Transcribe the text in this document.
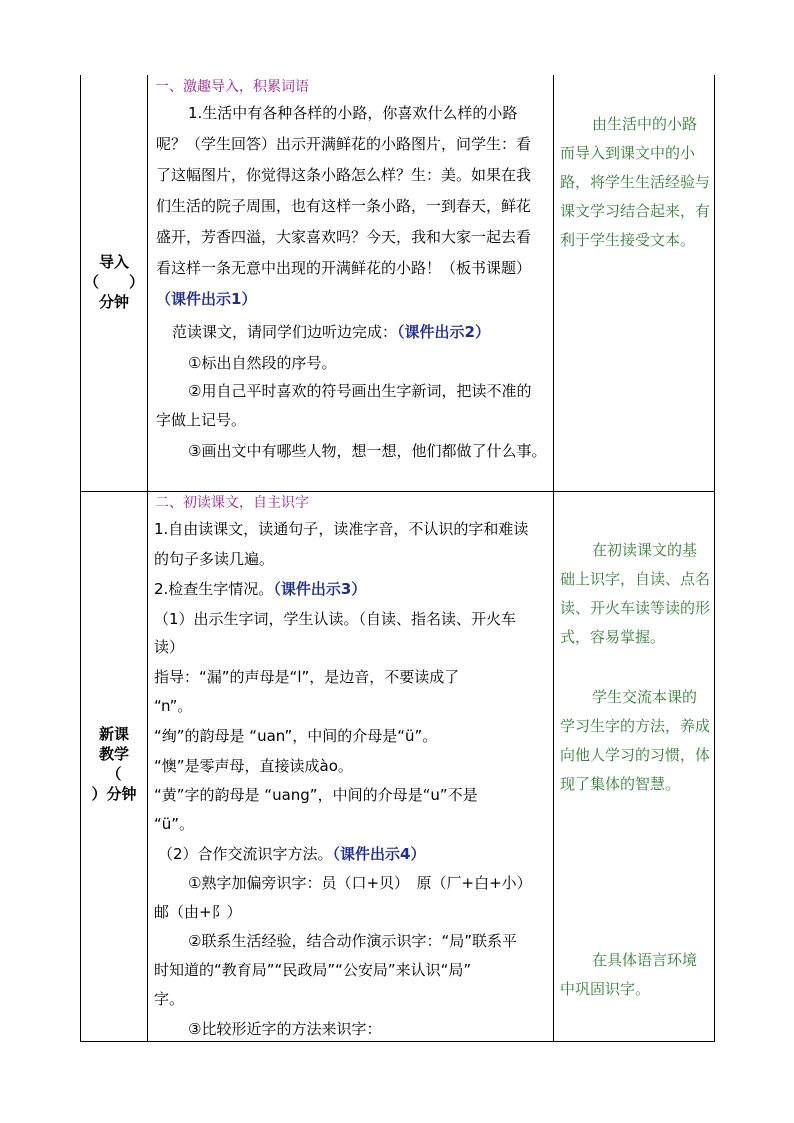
导入
（　　）
分钟
一、激趣导入，积累词语
1.生活中有各种各样的小路，你喜欢什么样的小路
呢？（学生回答）出示开满鲜花的小路图片，问学生：看
了这幅图片，你觉得这条小路怎么样？生：美。如果在我
们生活的院子周围，也有这样一条小路，一到春天，鲜花
盛开，芳香四溢，大家喜欢吗？今天，我和大家一起去看
看这样一条无意中出现的开满鲜花的小路！（板书课题）
（课件出示1）
范读课文，请同学们边听边完成：（课件出示2）
①标出自然段的序号。
②用自己平时喜欢的符号画出生字新词，把读不准的
字做上记号。
③画出文中有哪些人物，想一想，他们都做了什么事。
由生活中的小路
而导入到课文中的小
路，将学生生活经验与
课文学习结合起来，有
利于学生接受文本。
新课
教学
（
）分钟
二、初读课文，自主识字
1.自由读课文，读通句子，读准字音，不认识的字和难读
的句子多读几遍。
2.检查生字情况。（课件出示3）
（1）出示生字词，学生认读。（自读、指名读、开火车
读）
指导：“漏”的声母是“l”，是边音，不要读成了
“n”。
“绚”的韵母是 “uan”，中间的介母是“ü”。
“懊”是零声母，直接读成ào。
“黄”字的韵母是 “uang”，中间的介母是“u”不是
“ü”。
（2）合作交流识字方法。（课件出示4）
①熟字加偏旁识字：员（口+贝）　原（厂+白+小）
邮（由+阝）
②联系生活经验，结合动作演示识字：“局”联系平
时知道的“教育局”“民政局”“公安局”来认识“局”
字。
③比较形近字的方法来识字：
在初读课文的基
础上识字，自读、点名
读、开火车读等读的形
式，容易掌握。
学生交流本课的
学习生字的方法，养成
向他人学习的习惯，体
现了集体的智慧。
在具体语言环境
中巩固识字。
